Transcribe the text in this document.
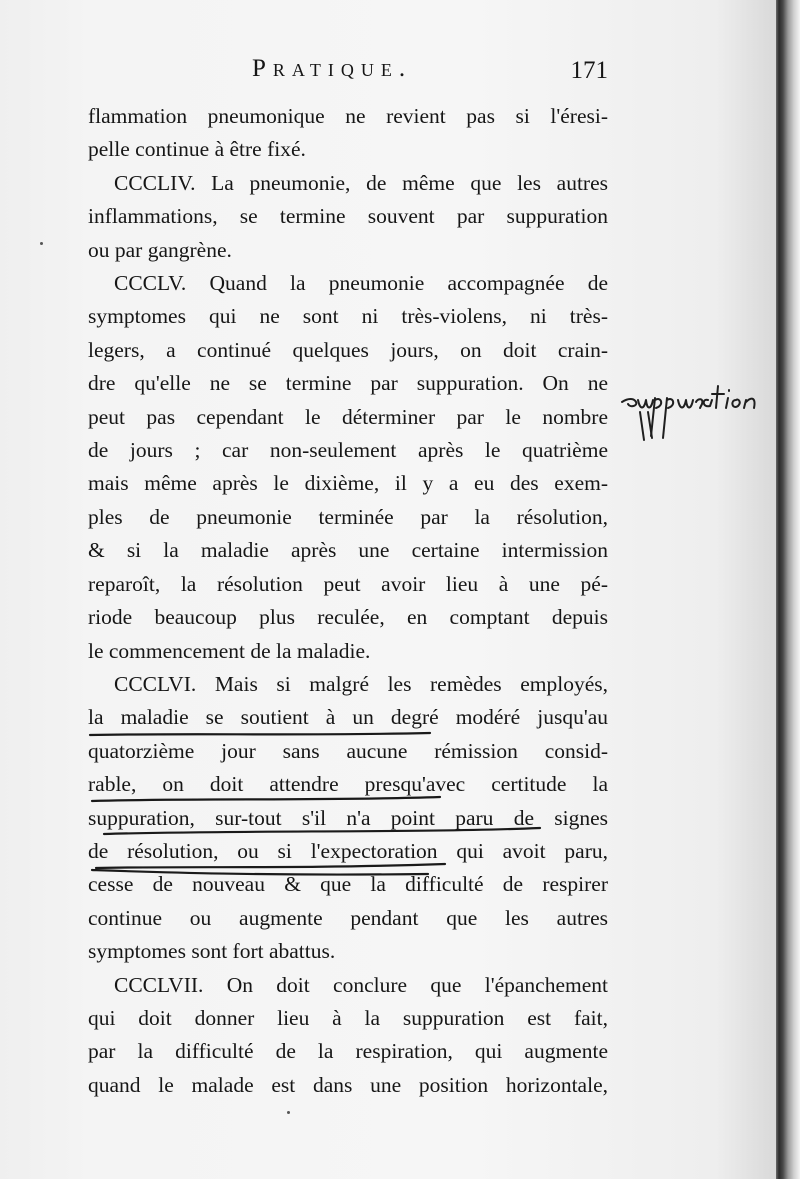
Pratique.	171

flammation pneumonique ne revient pas si l'éresi-
pelle continue à être fixé.

CCCLIV. La pneumonie, de même que les autres
inflammations, se termine souvent par suppuration
ou par gangrène.

CCCLV. Quand la pneumonie accompagnée de
symptomes qui ne sont ni très-violens, ni très-
legers, a continué quelques jours, on doit crain-
dre qu'elle ne se termine par suppuration. On ne
peut pas cependant le déterminer par le nombre
de jours ; car non-seulement après le quatrième
mais même après le dixième, il y a eu des exem-
ples de pneumonie terminée par la résolution,
& si la maladie après une certaine intermission
reparoît, la résolution peut avoir lieu à une pé-
riode beaucoup plus reculée, en comptant depuis
le commencement de la maladie.

CCCLVI. Mais si malgré les remèdes employés,
la maladie se soutient à un degré modéré jusqu'au
quatorzième jour sans aucune rémission consid-
rable, on doit attendre presqu'avec certitude la
suppuration, sur-tout s'il n'a point paru de signes
de résolution, ou si l'expectoration qui avoit paru,
cesse de nouveau & que la difficulté de respirer
continue ou augmente pendant que les autres
symptomes sont fort abattus.

CCCLVII. On doit conclure que l'épanchement
qui doit donner lieu à la suppuration est fait,
par la difficulté de la respiration, qui augmente
quand le malade est dans une position horizontale,
